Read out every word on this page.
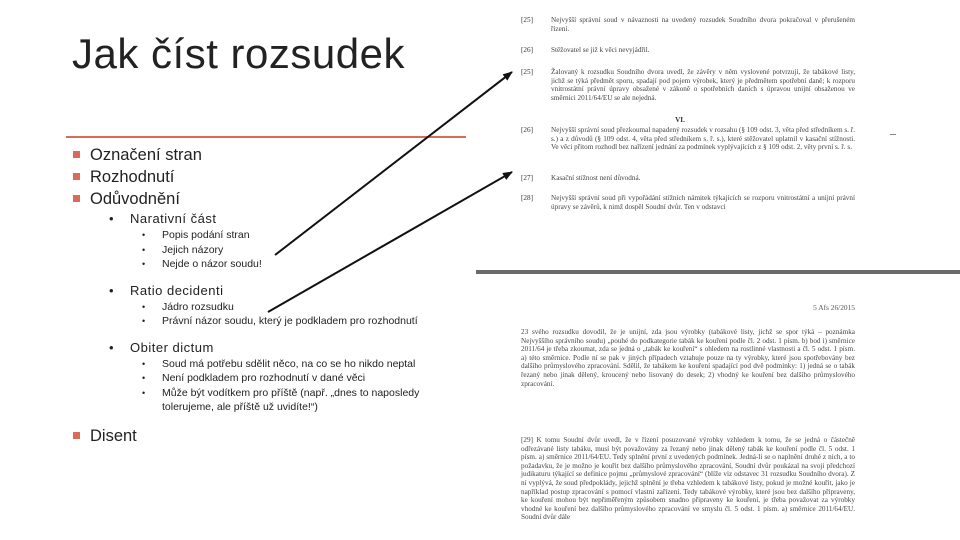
Jak číst rozsudek
Označení stran
Rozhodnutí
Odůvodnění
• Narativní část
• Popis podání stran
• Jejich názory
• Nejde o názor soudu!
• Ratio decidenti
• Jádro rozsudku
• Právní názor soudu, který je podkladem pro rozhodnutí
• Obiter dictum
• Soud má potřebu sdělit něco, na co se ho nikdo neptal
• Není podkladem pro rozhodnutí v dané věci
• Může být vodítkem pro příště (např. „dnes to naposledy tolerujeme, ale příště už uvidíte!“)
Disent
[25]	Nejvyšší správní soud v návaznosti na uvedený rozsudek Soudního dvora pokračoval v přerušeném řízení.
[26]	Stěžovatel se již k věci nevyjádřil.
[25]	Žalovaný k rozsudku Soudního dvora uvedl, že závěry v něm vyslovené potvrzují, že tabákové listy, jichž se týká předmět sporu, spadají pod pojem výrobek, který je předmětem spotřební daně; k rozporu vnitrostátní právní úpravy obsažené v zákoně o spotřebních daních s úpravou unijní obsaženou ve směrnici 2011/64/EU se ale nejedná.
VI.
[26]	Nejvyšší správní soud přezkoumal napadený rozsudek v rozsahu (§ 109 odst. 3, věta před středníkem s. ř. s.) a z důvodů (§ 109 odst. 4, věta před středníkem s. ř. s.), které stěžovatel uplatnil v kasační stížnosti. Ve věci přitom rozhodl bez nařízení jednání za podmínek vyplývajících z § 109 odst. 2, věty první s. ř. s.
[27]	Kasační stížnost není důvodná.
[28]	Nejvyšší správní soud při vypořádání stížních námitek týkajících se rozporu vnitrostátní a unijní právní úpravy se závěrů, k nimž dospěl Soudní dvůr. Ten v odstavci
5 Afs 26/2015
23 svého rozsudku dovodil, že je unijní, zda jsou výrobky (tabákové listy, jichž se spor týká – poznámka Nejvyššího správního soudu) „pouhé do podkategorie tabák ke kouření podle čl. 2 odst. 1 písm. b) bod i) směrnice 2011/64 je třeba zkoumat, zda se jedná o „tabák ke kouření“ s ohledem na rostlinné vlastnosti a čl. 5 odst. 1 písm. a) této směrnice. Podle ní se pak v jiných případech vztahuje pouze na ty výrobky, které jsou spotřebovány bez dalšího průmyslového zpracování. Sdělil, že tabákem ke kouření spadající pod dvě podmínky: 1) jedná se o tabák řezaný nebo jinak dělený, kroucený nebo lisovaný do desek; 2) vhodný ke kouření bez dalšího průmyslového zpracování.
[29] K tomu Soudní dvůr uvedl, že v řízení posuzované výrobky vzhledem k tomu, že se jedná o částečně odřezávané listy tabáku, musí být považovány za řezaný nebo jinak dělený tabák ke kouření podle čl. 5 odst. 1 písm. a) směrnice 2011/64/EU. Tedy splnění první z uvedených podmínek. Jedná-li se o naplnění druhé z nich, a to požadavku, že je možno je kouřit bez dalšího průmyslového zpracování, Soudní dvůr poukázal na svoji předchozí judikaturu týkající se definice pojmu „průmyslové zpracování“ (blíže viz odstavec 31 rozsudku Soudního dvora). Z ní vyplývá, že soud předpoklády, jejichž splnění je třeba vzhledem k tabákové listy, pokud je možné kouřit, jako je například postup zpracování s pomocí vlastní zařízení. Tedy tabákové výrobky, které jsou bez dalšího připraveny, ke kouření mohou být nepřiměřeným způsobem snadno připraveny ke kouření, je třeba považovat za výrobky vhodné ke kouření bez dalšího průmyslového zpracování ve smyslu čl. 5 odst. 1 písm. a) směrnice 2011/64/EU. Soudní dvůr dále
